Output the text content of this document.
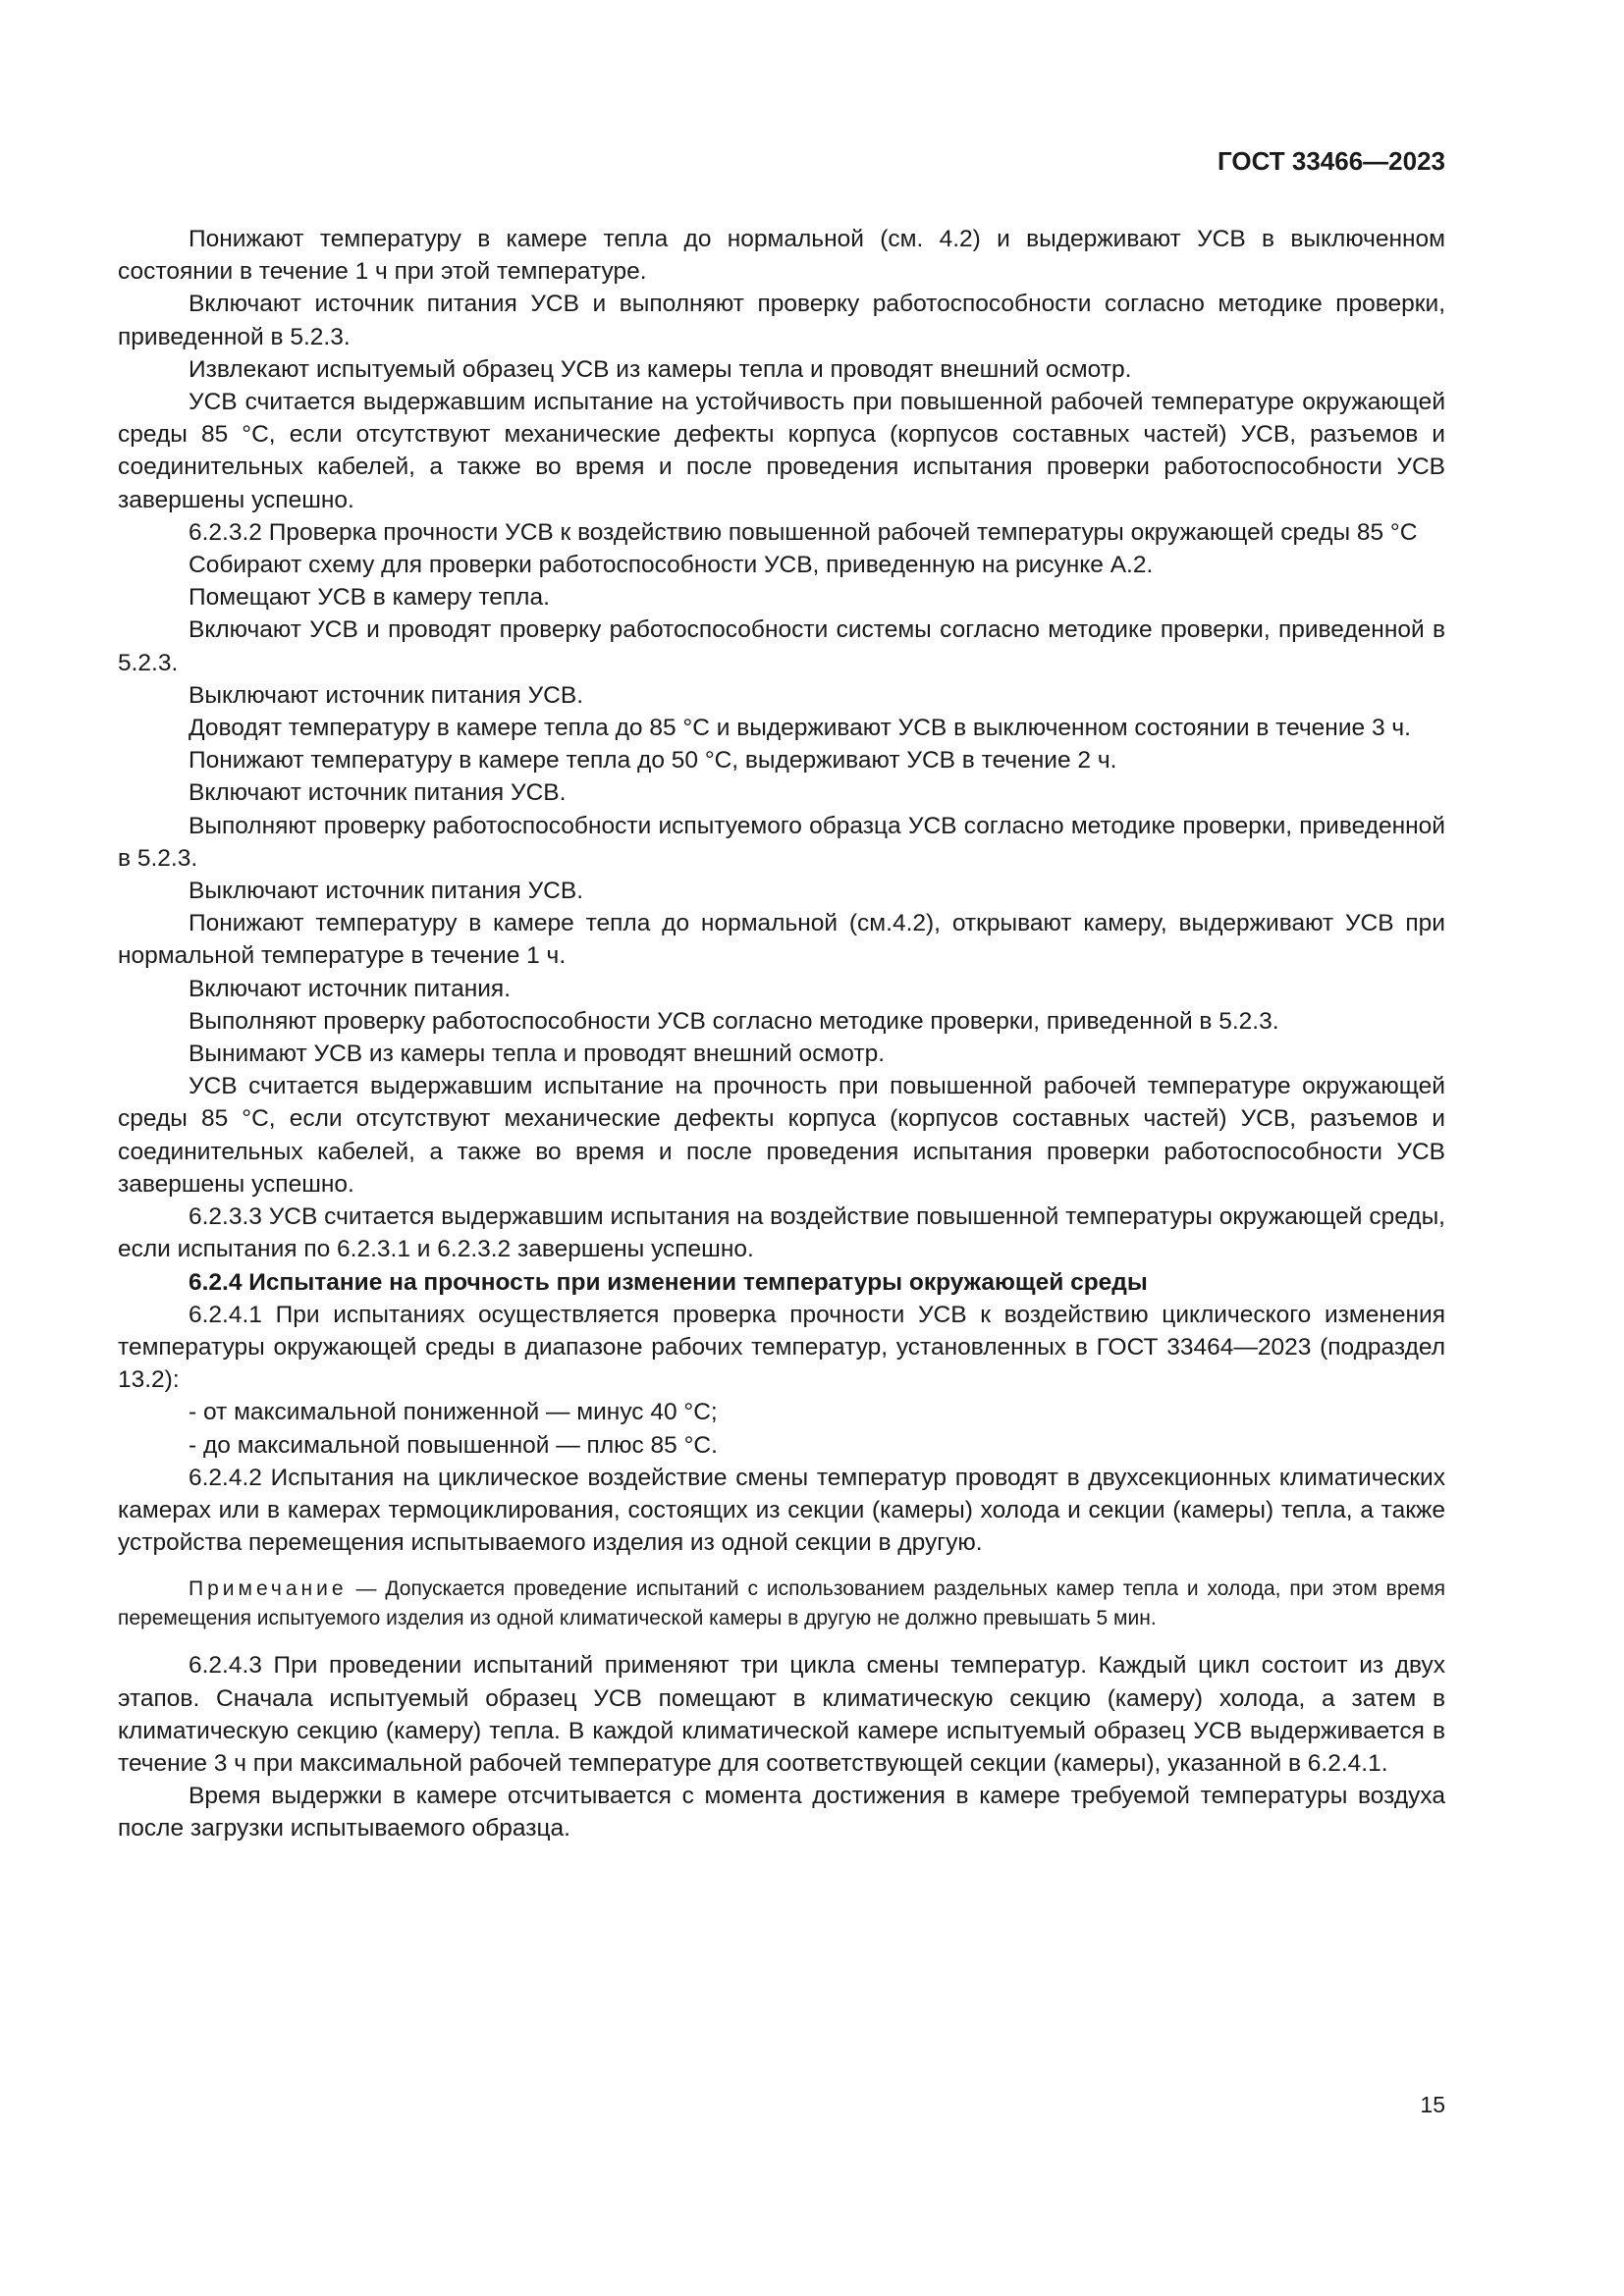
ГОСТ 33466—2023

Понижают температуру в камере тепла до нормальной (см. 4.2) и выдерживают УСВ в выключенном состоянии в течение 1 ч при этой температуре.

Включают источник питания УСВ и выполняют проверку работоспособности согласно методике проверки, приведенной в 5.2.3.

Извлекают испытуемый образец УСВ из камеры тепла и проводят внешний осмотр.

УСВ считается выдержавшим испытание на устойчивость при повышенной рабочей температуре окружающей среды 85 °С, если отсутствуют механические дефекты корпуса (корпусов составных частей) УСВ, разъемов и соединительных кабелей, а также во время и после проведения испытания проверки работоспособности УСВ завершены успешно.

6.2.3.2 Проверка прочности УСВ к воздействию повышенной рабочей температуры окружающей среды 85 °С

Собирают схему для проверки работоспособности УСВ, приведенную на рисунке А.2.

Помещают УСВ в камеру тепла.

Включают УСВ и проводят проверку работоспособности системы согласно методике проверки, приведенной в 5.2.3.

Выключают источник питания УСВ.

Доводят температуру в камере тепла до 85 °С и выдерживают УСВ в выключенном состоянии в течение 3 ч.

Понижают температуру в камере тепла до 50 °С, выдерживают УСВ в течение 2 ч.

Включают источник питания УСВ.

Выполняют проверку работоспособности испытуемого образца УСВ согласно методике проверки, приведенной в 5.2.3.

Выключают источник питания УСВ.

Понижают температуру в камере тепла до нормальной (см.4.2), открывают камеру, выдерживают УСВ при нормальной температуре в течение 1 ч.

Включают источник питания.

Выполняют проверку работоспособности УСВ согласно методике проверки, приведенной в 5.2.3.

Вынимают УСВ из камеры тепла и проводят внешний осмотр.

УСВ считается выдержавшим испытание на прочность при повышенной рабочей температуре окружающей среды 85 °С, если отсутствуют механические дефекты корпуса (корпусов составных частей) УСВ, разъемов и соединительных кабелей, а также во время и после проведения испытания проверки работоспособности УСВ завершены успешно.

6.2.3.3 УСВ считается выдержавшим испытания на воздействие повышенной температуры окружающей среды, если испытания по 6.2.3.1 и 6.2.3.2 завершены успешно.

6.2.4 Испытание на прочность при изменении температуры окружающей среды

6.2.4.1 При испытаниях осуществляется проверка прочности УСВ к воздействию циклического изменения температуры окружающей среды в диапазоне рабочих температур, установленных в ГОСТ 33464—2023 (подраздел 13.2):

- от максимальной пониженной — минус 40 °С;

- до максимальной повышенной — плюс 85 °С.

6.2.4.2 Испытания на циклическое воздействие смены температур проводят в двухсекционных климатических камерах или в камерах термоциклирования, состоящих из секции (камеры) холода и секции (камеры) тепла, а также устройства перемещения испытываемого изделия из одной секции в другую.

Примечание — Допускается проведение испытаний с использованием раздельных камер тепла и холода, при этом время перемещения испытуемого изделия из одной климатической камеры в другую не должно превышать 5 мин.

6.2.4.3 При проведении испытаний применяют три цикла смены температур. Каждый цикл состоит из двух этапов. Сначала испытуемый образец УСВ помещают в климатическую секцию (камеру) холода, а затем в климатическую секцию (камеру) тепла. В каждой климатической камере испытуемый образец УСВ выдерживается в течение 3 ч при максимальной рабочей температуре для соответствующей секции (камеры), указанной в 6.2.4.1.

Время выдержки в камере отсчитывается с момента достижения в камере требуемой температуры воздуха после загрузки испытываемого образца.

15
